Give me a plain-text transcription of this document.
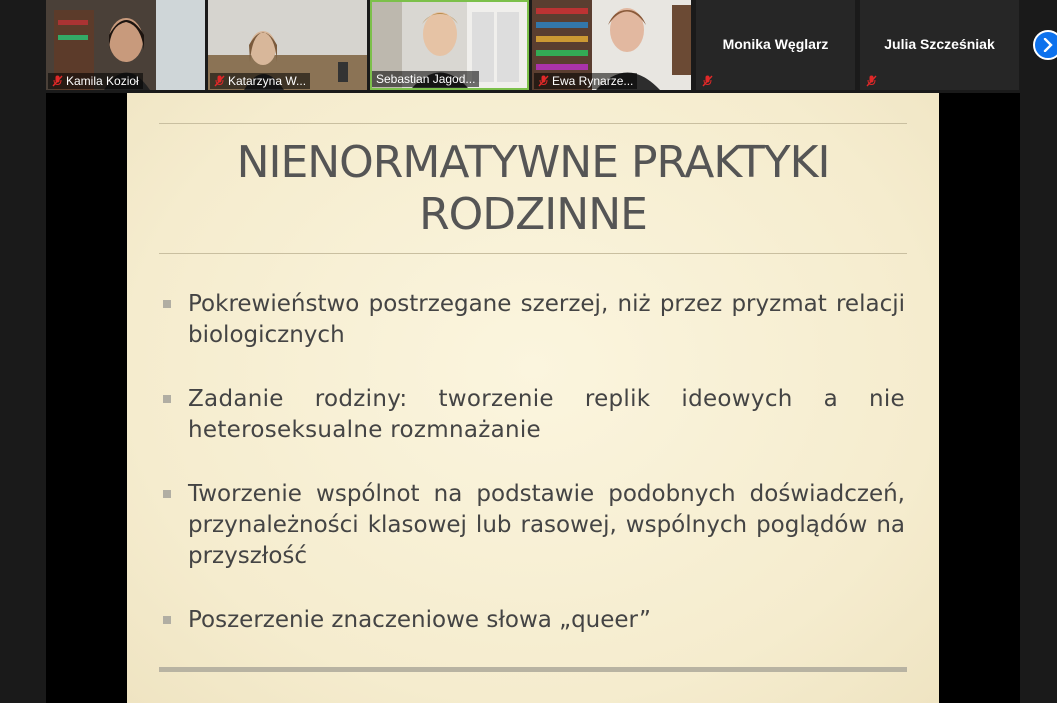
Kamila Kozioł	Katarzyna W...	Sebastian Jagod...	Ewa Rynarze...
Monika Węglarz	Julia Szcześniak
NIENORMATYWNE PRAKTYKI RODZINNE
Pokrewieństwo postrzegane szerzej, niż przez pryzmat relacji biologicznych
Zadanie rodziny: tworzenie replik ideowych a nie heteroseksualne rozmnażanie
Tworzenie wspólnot na podstawie podobnych doświadczeń, przynależności klasowej lub rasowej, wspólnych poglądów na przyszłość
Poszerzenie znaczeniowe słowa „queer”
